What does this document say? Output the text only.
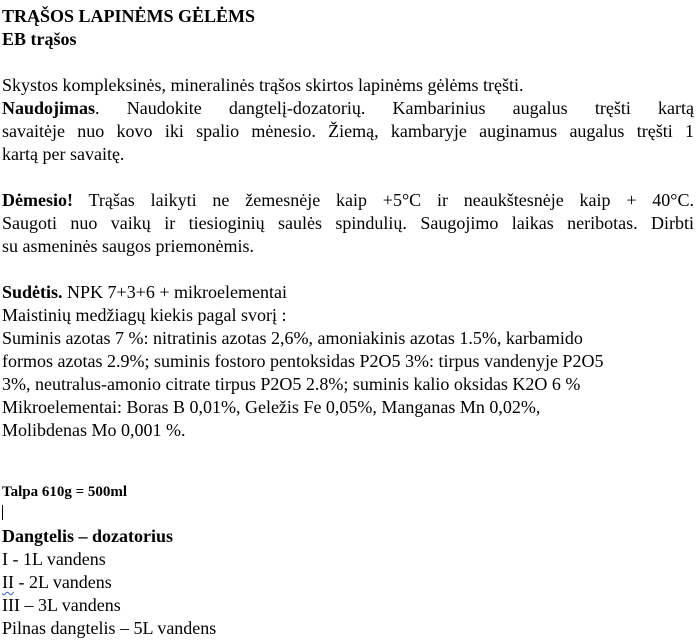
TRĄŠOS LAPINĖMS GĖLĖMS
EB trąšos
Skystos kompleksinės, mineralinės trąšos skirtos lapinėms gėlėms tręšti.
Naudojimas. Naudokite dangtelį-dozatorių. Kambarinius augalus tręšti kartą
savaitėje nuo kovo iki spalio mėnesio. Žiemą, kambaryje auginamus augalus tręšti 1
kartą per savaitę.
Dėmesio! Trąšas laikyti ne žemesnėje kaip +5°C ir neaukštesnėje kaip + 40°C.
Saugoti nuo vaikų ir tiesioginių saulės spindulių. Saugojimo laikas neribotas. Dirbti
su asmeninės saugos priemonėmis.
Sudėtis. NPK 7+3+6 + mikroelementai
Maistinių medžiagų kiekis pagal svorį :
Suminis azotas 7 %: nitratinis azotas 2,6%, amoniakinis azotas 1.5%, karbamido
formos azotas 2.9%; suminis fostoro pentoksidas P2O5 3%: tirpus vandenyje P2O5
3%, neutralus-amonio citrate tirpus P2O5 2.8%; suminis kalio oksidas K2O 6 %
Mikroelementai: Boras B 0,01%, Geležis Fe 0,05%, Manganas Mn 0,02%,
Molibdenas Mo 0,001 %.
Talpa 610g = 500ml
Dangtelis – dozatorius
I - 1L vandens
II - 2L vandens
III – 3L vandens
Pilnas dangtelis – 5L vandens
